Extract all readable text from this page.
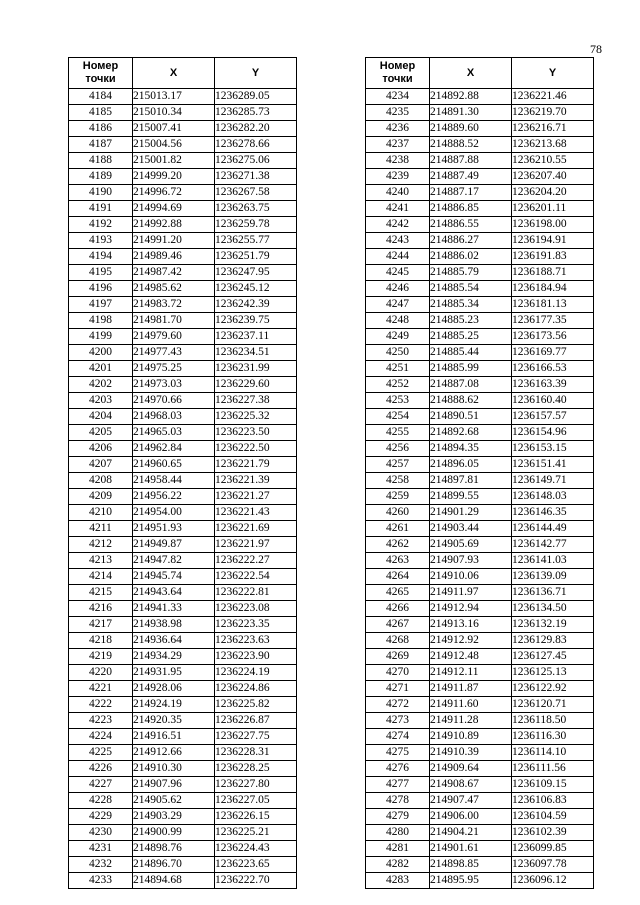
78
Номер точки	X	Y
4184	215013.17	1236289.05
4185	215010.34	1236285.73
4186	215007.41	1236282.20
4187	215004.56	1236278.66
4188	215001.82	1236275.06
4189	214999.20	1236271.38
4190	214996.72	1236267.58
4191	214994.69	1236263.75
4192	214992.88	1236259.78
4193	214991.20	1236255.77
4194	214989.46	1236251.79
4195	214987.42	1236247.95
4196	214985.62	1236245.12
4197	214983.72	1236242.39
4198	214981.70	1236239.75
4199	214979.60	1236237.11
4200	214977.43	1236234.51
4201	214975.25	1236231.99
4202	214973.03	1236229.60
4203	214970.66	1236227.38
4204	214968.03	1236225.32
4205	214965.03	1236223.50
4206	214962.84	1236222.50
4207	214960.65	1236221.79
4208	214958.44	1236221.39
4209	214956.22	1236221.27
4210	214954.00	1236221.43
4211	214951.93	1236221.69
4212	214949.87	1236221.97
4213	214947.82	1236222.27
4214	214945.74	1236222.54
4215	214943.64	1236222.81
4216	214941.33	1236223.08
4217	214938.98	1236223.35
4218	214936.64	1236223.63
4219	214934.29	1236223.90
4220	214931.95	1236224.19
4221	214928.06	1236224.86
4222	214924.19	1236225.82
4223	214920.35	1236226.87
4224	214916.51	1236227.75
4225	214912.66	1236228.31
4226	214910.30	1236228.25
4227	214907.96	1236227.80
4228	214905.62	1236227.05
4229	214903.29	1236226.15
4230	214900.99	1236225.21
4231	214898.76	1236224.43
4232	214896.70	1236223.65
4233	214894.68	1236222.70
Номер точки	X	Y
4234	214892.88	1236221.46
4235	214891.30	1236219.70
4236	214889.60	1236216.71
4237	214888.52	1236213.68
4238	214887.88	1236210.55
4239	214887.49	1236207.40
4240	214887.17	1236204.20
4241	214886.85	1236201.11
4242	214886.55	1236198.00
4243	214886.27	1236194.91
4244	214886.02	1236191.83
4245	214885.79	1236188.71
4246	214885.54	1236184.94
4247	214885.34	1236181.13
4248	214885.23	1236177.35
4249	214885.25	1236173.56
4250	214885.44	1236169.77
4251	214885.99	1236166.53
4252	214887.08	1236163.39
4253	214888.62	1236160.40
4254	214890.51	1236157.57
4255	214892.68	1236154.96
4256	214894.35	1236153.15
4257	214896.05	1236151.41
4258	214897.81	1236149.71
4259	214899.55	1236148.03
4260	214901.29	1236146.35
4261	214903.44	1236144.49
4262	214905.69	1236142.77
4263	214907.93	1236141.03
4264	214910.06	1236139.09
4265	214911.97	1236136.71
4266	214912.94	1236134.50
4267	214913.16	1236132.19
4268	214912.92	1236129.83
4269	214912.48	1236127.45
4270	214912.11	1236125.13
4271	214911.87	1236122.92
4272	214911.60	1236120.71
4273	214911.28	1236118.50
4274	214910.89	1236116.30
4275	214910.39	1236114.10
4276	214909.64	1236111.56
4277	214908.67	1236109.15
4278	214907.47	1236106.83
4279	214906.00	1236104.59
4280	214904.21	1236102.39
4281	214901.61	1236099.85
4282	214898.85	1236097.78
4283	214895.95	1236096.12
